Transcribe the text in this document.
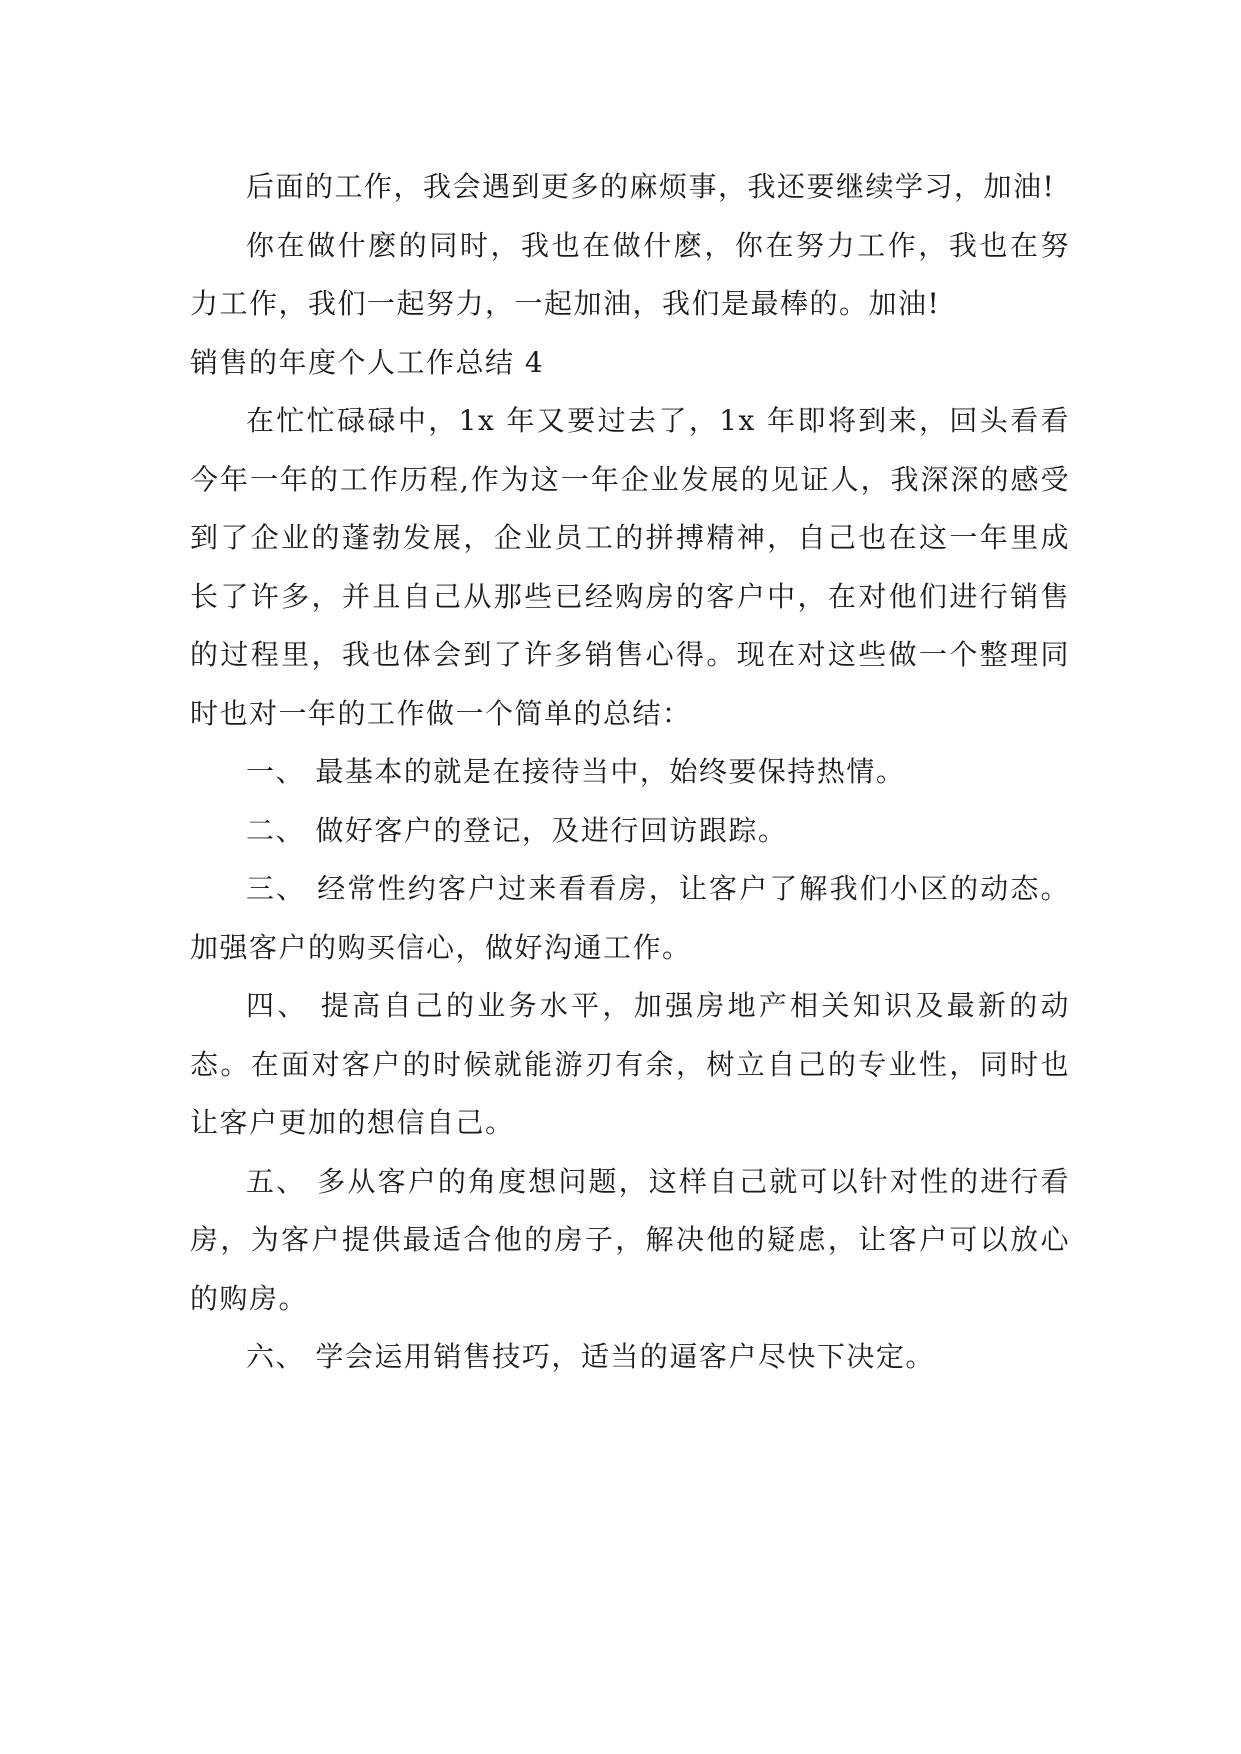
后面的工作，我会遇到更多的麻烦事，我还要继续学习，加油!

你在做什麽的同时，我也在做什麽，你在努力工作，我也在努力工作，我们一起努力，一起加油，我们是最棒的。加油!

销售的年度个人工作总结 4

在忙忙碌碌中，1x 年又要过去了，1x 年即将到来，回头看看今年一年的工作历程,作为这一年企业发展的见证人，我深深的感受到了企业的蓬勃发展，企业员工的拼搏精神，自己也在这一年里成长了许多，并且自己从那些已经购房的客户中，在对他们进行销售的过程里，我也体会到了许多销售心得。现在对这些做一个整理同时也对一年的工作做一个简单的总结：

一、 最基本的就是在接待当中，始终要保持热情。

二、 做好客户的登记，及进行回访跟踪。

三、 经常性约客户过来看看房，让客户了解我们小区的动态。加强客户的购买信心，做好沟通工作。

四、 提高自己的业务水平，加强房地产相关知识及最新的动态。在面对客户的时候就能游刃有余，树立自己的专业性，同时也让客户更加的想信自己。

五、 多从客户的角度想问题，这样自己就可以针对性的进行看房，为客户提供最适合他的房子，解决他的疑虑，让客户可以放心的购房。

六、 学会运用销售技巧，适当的逼客户尽快下决定。
